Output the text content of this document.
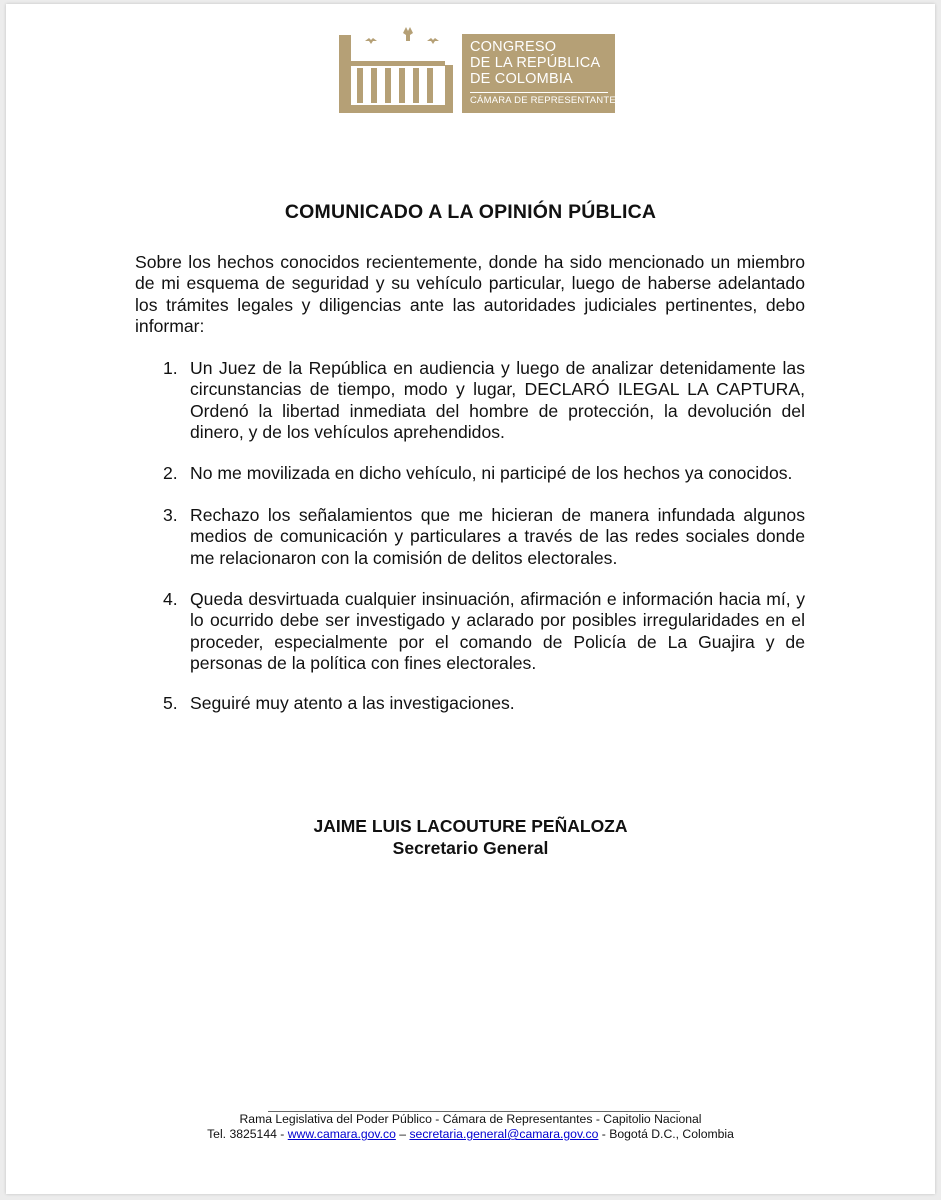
CONGRESO
DE LA REPÚBLICA
DE COLOMBIA
CÁMARA DE REPRESENTANTES
COMUNICADO A LA OPINIÓN PÚBLICA
Sobre los hechos conocidos recientemente, donde ha sido mencionado un miembro de mi esquema de seguridad y su vehículo particular, luego de haberse adelantado los trámites legales y diligencias ante las autoridades judiciales pertinentes, debo informar:
1. Un Juez de la República en audiencia y luego de analizar detenidamente las circunstancias de tiempo, modo y lugar, DECLARÓ ILEGAL LA CAPTURA, Ordenó la libertad inmediata del hombre de protección, la devolución del dinero, y de los vehículos aprehendidos.
2. No me movilizada en dicho vehículo, ni participé de los hechos ya conocidos.
3. Rechazo los señalamientos que me hicieran de manera infundada algunos medios de comunicación y particulares a través de las redes sociales donde me relacionaron con la comisión de delitos electorales.
4. Queda desvirtuada cualquier insinuación, afirmación e información hacia mí, y lo ocurrido debe ser investigado y aclarado por posibles irregularidades en el proceder, especialmente por el comando de Policía de La Guajira y de personas de la política con fines electorales.
5. Seguiré muy atento a las investigaciones.
JAIME LUIS LACOUTURE PEÑALOZA
Secretario General
Rama Legislativa del Poder Público - Cámara de Representantes - Capitolio Nacional
Tel. 3825144 - www.camara.gov.co – secretaria.general@camara.gov.co - Bogotá D.C., Colombia
